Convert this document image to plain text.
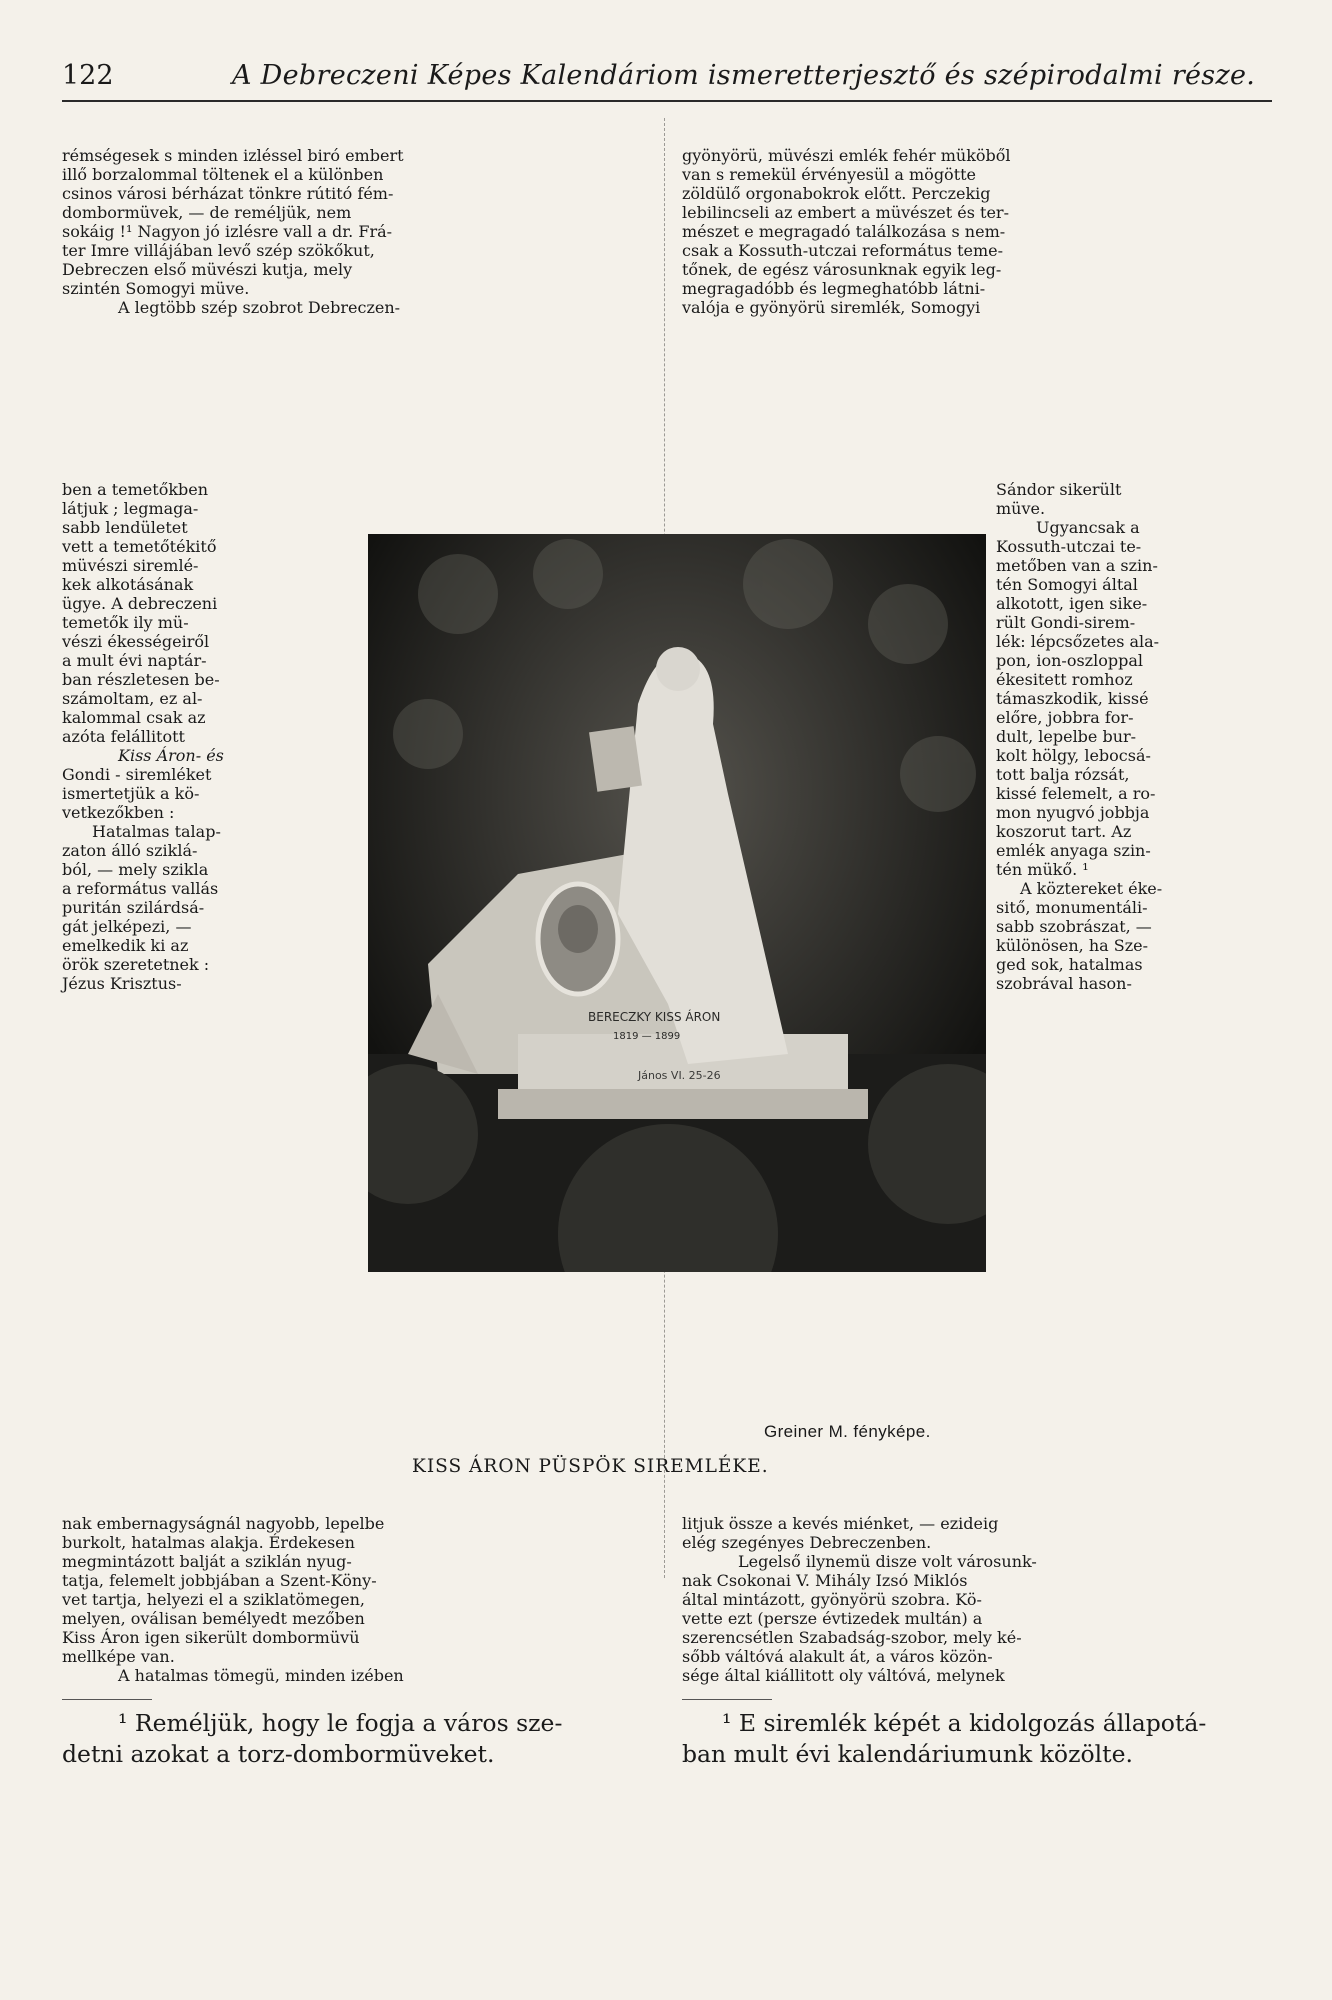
122	A Debreczeni Képes Kalendáriom ismeretterjesztő és szépirodalmi része.
rémségesek s minden izléssel biró embert
illő borzalommal töltenek el a különben
csinos városi bérházat tönkre rútitó fém-
dombormüvek, — de reméljük, nem
sokáig !¹ Nagyon jó izlésre vall a dr. Frá-
ter Imre villájában levő szép szökőkut,
Debreczen első müvészi kutja, mely
szintén Somogyi müve.
A legtöbb szép szobrot Debreczen-
ben a temetőkben
látjuk ; legmaga-
sabb lendületet
vett a temetőtékitő
müvészi siremlé-
kek alkotásának
ügye. A debreczeni
temetők ily mü-
vészi ékességeiről
a mult évi naptár-
ban részletesen be-
számoltam, ez al-
kalommal csak az
azóta felállitott
Kiss Áron- és
Gondi - siremléket
ismertetjük a kö-
vetkezőkben :
Hatalmas talap-
zaton álló sziklá-
ból, — mely szikla
a református vallás
puritán szilárdsá-
gát jelképezi, —
emelkedik ki az
örök szeretetnek :
Jézus Krisztus-
nak embernagyságnál nagyobb, lepelbe
burkolt, hatalmas alakja. Érdekesen
megmintázott balját a sziklán nyug-
tatja, felemelt jobbjában a Szent-Köny-
vet tartja, helyezi el a sziklatömegen,
melyen, oválisan bemélyedt mezőben
Kiss Áron igen sikerült dombormüvü
mellképe van.
A hatalmas tömegü, minden izében
¹ Reméljük, hogy le fogja a város sze-
detni azokat a torz-dombormüveket.
gyönyörü, müvészi emlék fehér müköből
van s remekül érvényesül a mögötte
zöldülő orgonabokrok előtt. Perczekig
lebilincseli az embert a müvészet és ter-
mészet e megragadó találkozása s nem-
csak a Kossuth-utczai református teme-
tőnek, de egész városunknak egyik leg-
megragadóbb és legmeghatóbb látni-
valója e gyönyörü siremlék, Somogyi
Sándor sikerült
müve.
Ugyancsak a
Kossuth-utczai te-
metőben van a szin-
tén Somogyi által
alkotott, igen sike-
rült Gondi-sirem-
lék: lépcsőzetes ala-
pon, ion-oszloppal
ékesitett romhoz
támaszkodik, kissé
előre, jobbra for-
dult, lepelbe bur-
kolt hölgy, lebocsá-
tott balja rózsát,
kissé felemelt, a ro-
mon nyugvó jobbja
koszorut tart. Az
emlék anyaga szin-
tén mükő. ¹
A köztereket éke-
sitő, monumentáli-
sabb szobrászat, —
különösen, ha Sze-
ged sok, hatalmas
szobrával hason-
litjuk össze a kevés miénket, — ezideig
elég szegényes Debreczenben.
Legelső ilynemü disze volt városunk-
nak Csokonai V. Mihály Izsó Miklós
által mintázott, gyönyörü szobra. Kö-
vette ezt (persze évtizedek multán) a
szerencsétlen Szabadság-szobor, mely ké-
sőbb váltóvá alakult át, a város közön-
sége által kiállitott oly váltóvá, melynek
¹ E siremlék képét a kidolgozás állapotá-
ban mult évi kalendáriumunk közölte.
BERECZKY KISS ÁRON
1819 — 1899
János VI. 25-26
Greiner M. fényképe.
KISS ÁRON PÜSPÖK SIREMLÉKE.
